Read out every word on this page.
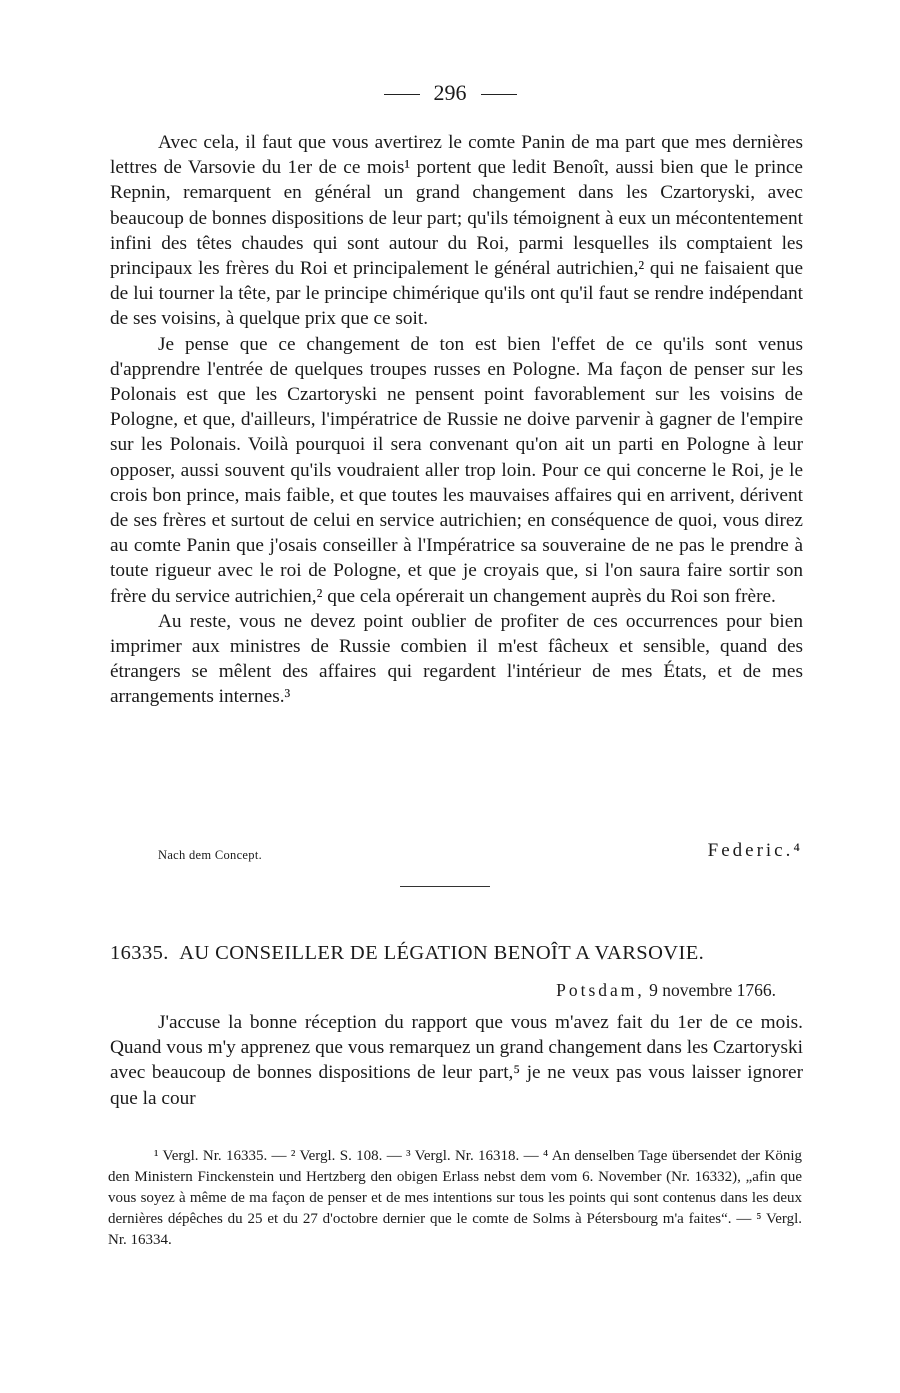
296

Avec cela, il faut que vous avertirez le comte Panin de ma part que mes dernières lettres de Varsovie du 1er de ce mois¹ portent que ledit Benoît, aussi bien que le prince Repnin, remarquent en général un grand changement dans les Czartoryski, avec beaucoup de bonnes dispositions de leur part; qu'ils témoignent à eux un mécontentement infini des têtes chaudes qui sont autour du Roi, parmi lesquelles ils comptaient les principaux les frères du Roi et principalement le général autrichien,² qui ne faisaient que de lui tourner la tête, par le principe chimérique qu'ils ont qu'il faut se rendre indépendant de ses voisins, à quelque prix que ce soit.

Je pense que ce changement de ton est bien l'effet de ce qu'ils sont venus d'apprendre l'entrée de quelques troupes russes en Pologne. Ma façon de penser sur les Polonais est que les Czartoryski ne pensent point favorablement sur les voisins de Pologne, et que, d'ailleurs, l'impératrice de Russie ne doive parvenir à gagner de l'empire sur les Polonais. Voilà pourquoi il sera convenant qu'on ait un parti en Pologne à leur opposer, aussi souvent qu'ils voudraient aller trop loin. Pour ce qui concerne le Roi, je le crois bon prince, mais faible, et que toutes les mauvaises affaires qui en arrivent, dérivent de ses frères et surtout de celui en service autrichien; en conséquence de quoi, vous direz au comte Panin que j'osais conseiller à l'Impératrice sa souveraine de ne pas le prendre à toute rigueur avec le roi de Pologne, et que je croyais que, si l'on saura faire sortir son frère du service autrichien,² que cela opérerait un changement auprès du Roi son frère.

Au reste, vous ne devez point oublier de profiter de ces occurrences pour bien imprimer aux ministres de Russie combien il m'est fâcheux et sensible, quand des étrangers se mêlent des affaires qui regardent l'intérieur de mes États, et de mes arrangements internes.³

Nach dem Concept.	Federic.⁴
16335. AU CONSEILLER DE LÉGATION BENOÎT A VARSOVIE.
Potsdam, 9 novembre 1766.

J'accuse la bonne réception du rapport que vous m'avez fait du 1er de ce mois. Quand vous m'y apprenez que vous remarquez un grand changement dans les Czartoryski avec beaucoup de bonnes dispositions de leur part,⁵ je ne veux pas vous laisser ignorer que la cour

¹ Vergl. Nr. 16335. — ² Vergl. S. 108. — ³ Vergl. Nr. 16318. — ⁴ An denselben Tage übersendet der König den Ministern Finckenstein und Hertzberg den obigen Erlass nebst dem vom 6. November (Nr. 16332), „afin que vous soyez à même de ma façon de penser et de mes intentions sur tous les points qui sont contenus dans les deux dernières dépêches du 25 et du 27 d'octobre dernier que le comte de Solms à Pétersbourg m'a faites“. — ⁵ Vergl. Nr. 16334.
